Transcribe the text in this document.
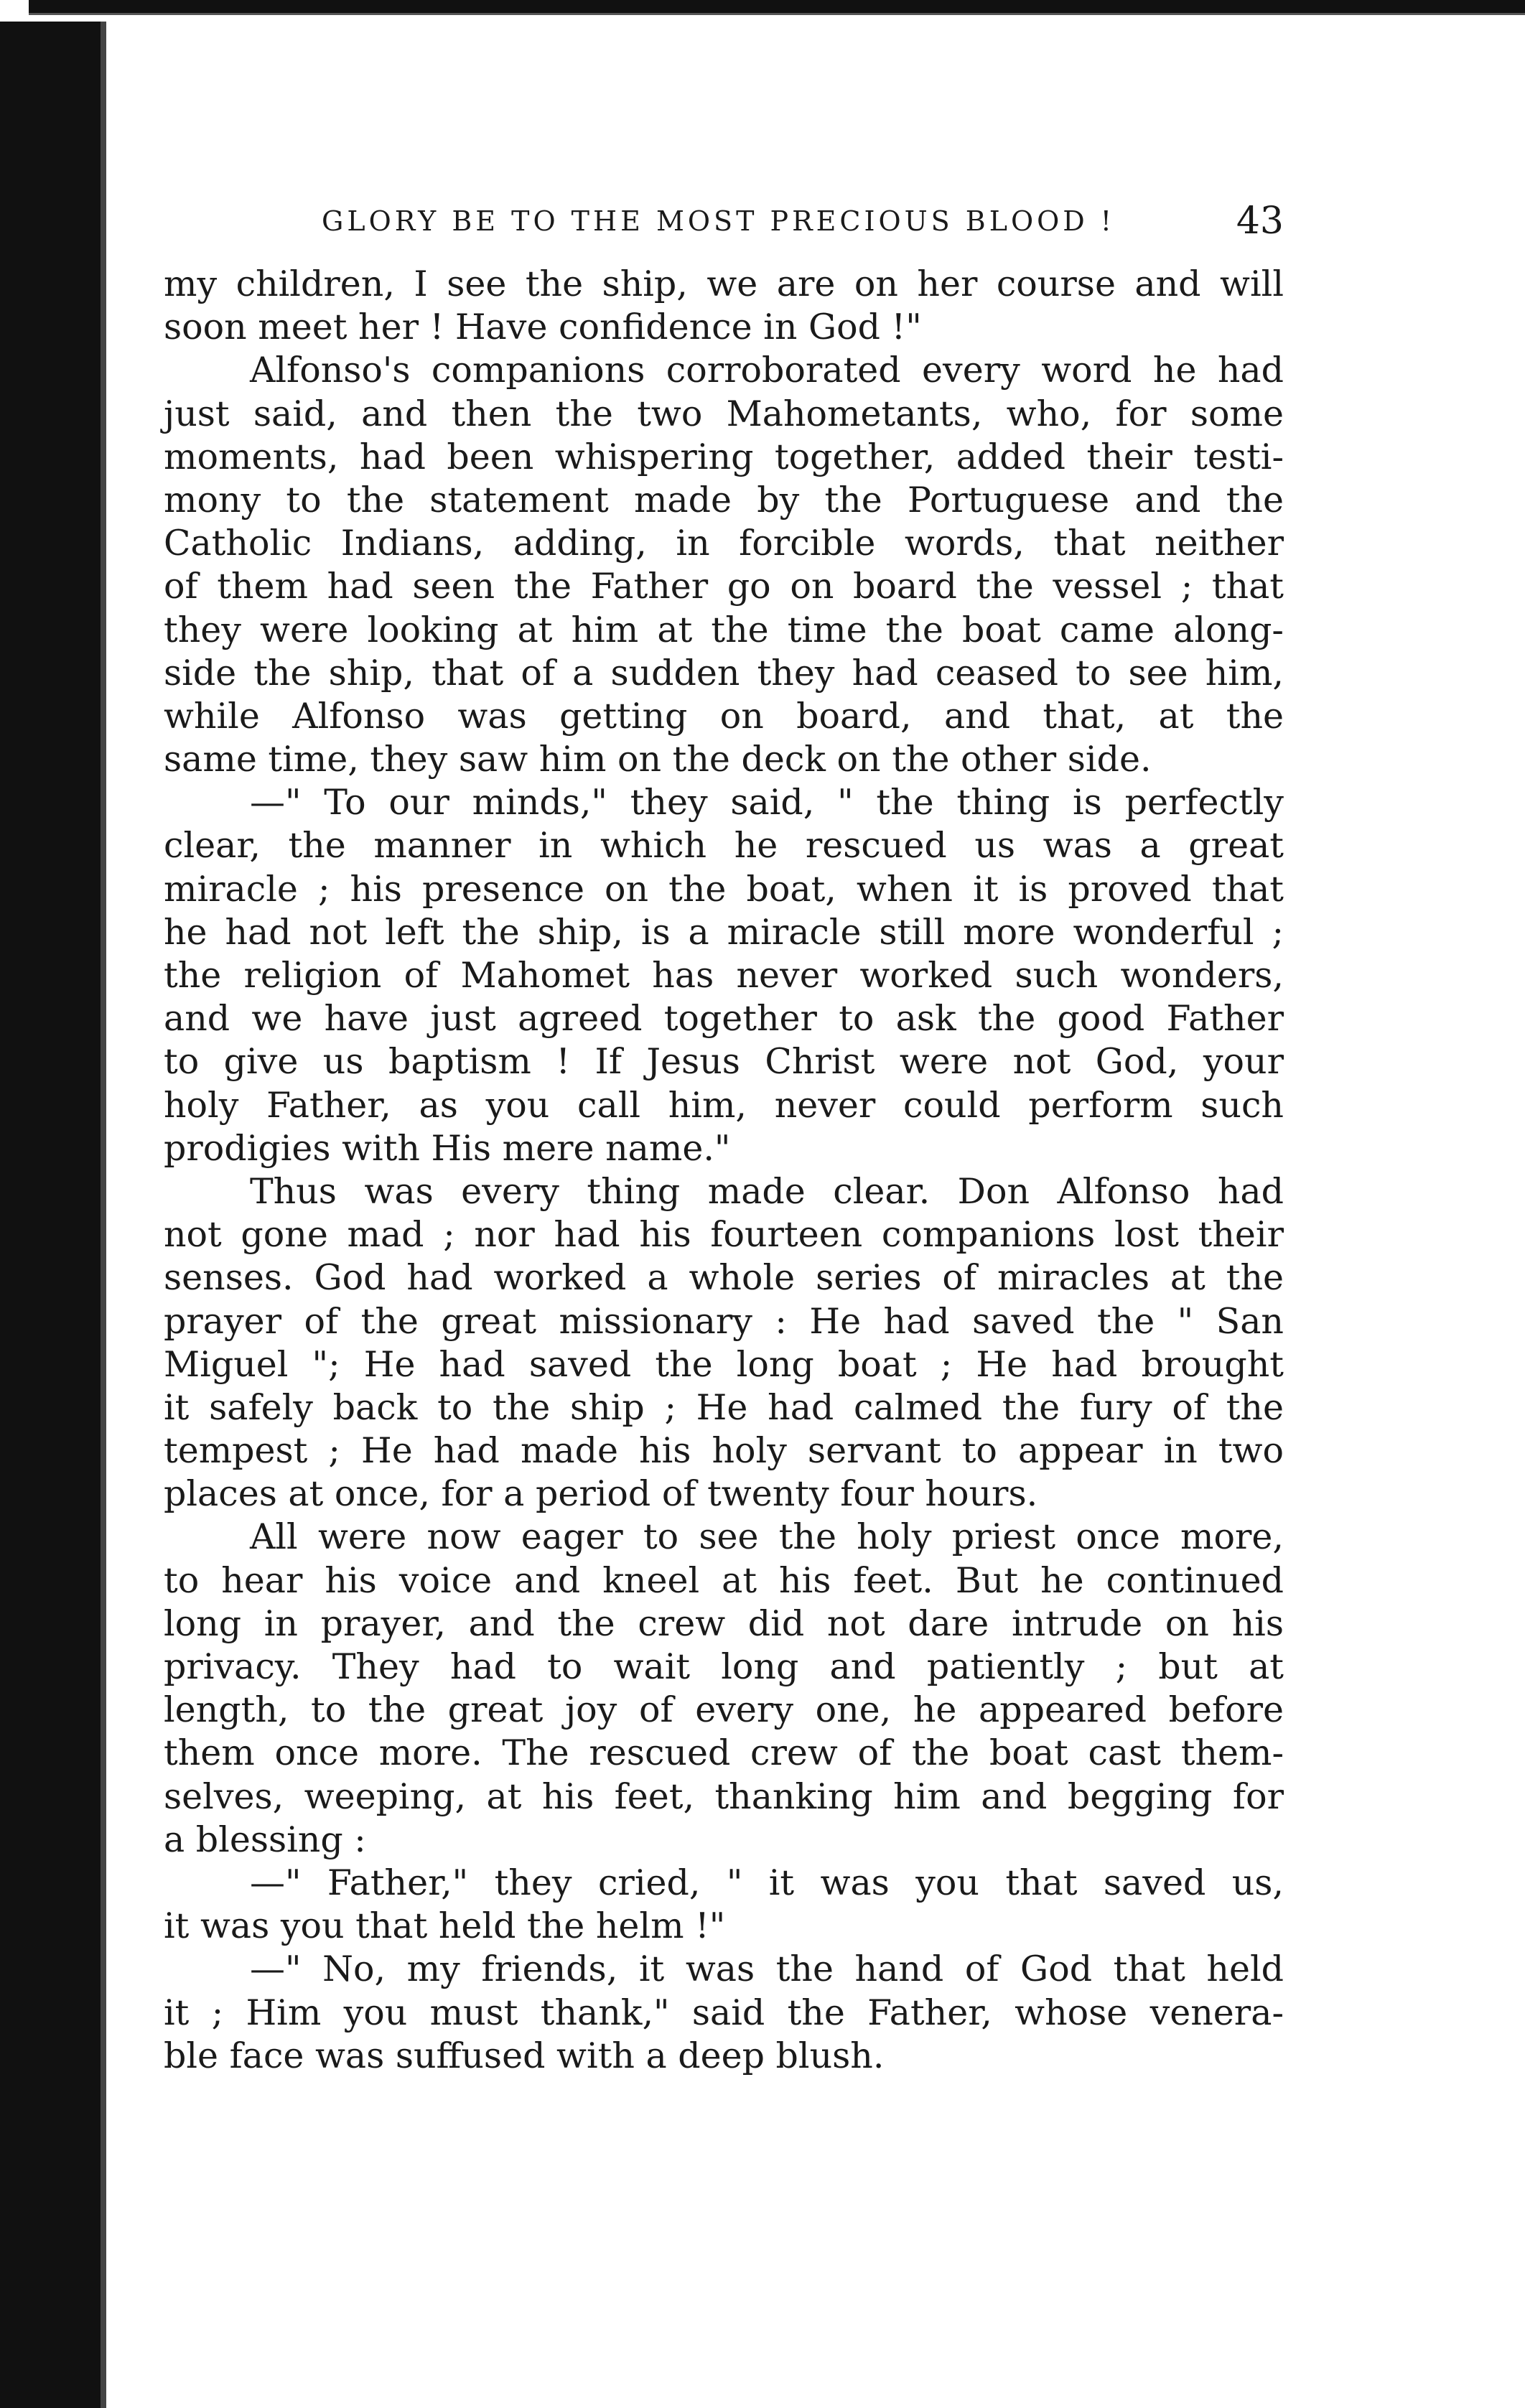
GLORY BE TO THE MOST PRECIOUS BLOOD !	43
my children, I see the ship, we are on her course and will
soon meet her ! Have confidence in God !"
Alfonso's companions corroborated every word he had
just said, and then the two Mahometants, who, for some
moments, had been whispering together, added their testi-
mony to the statement made by the Portuguese and the
Catholic Indians, adding, in forcible words, that neither
of them had seen the Father go on board the vessel ; that
they were looking at him at the time the boat came along-
side the ship, that of a sudden they had ceased to see him,
while Alfonso was getting on board, and that, at the
same time, they saw him on the deck on the other side.
—" To our minds," they said, " the thing is perfectly
clear, the manner in which he rescued us was a great
miracle ; his presence on the boat, when it is proved that
he had not left the ship, is a miracle still more wonderful ;
the religion of Mahomet has never worked such wonders,
and we have just agreed together to ask the good Father
to give us baptism ! If Jesus Christ were not God, your
holy Father, as you call him, never could perform such
prodigies with His mere name."
Thus was every thing made clear. Don Alfonso had
not gone mad ; nor had his fourteen companions lost their
senses. God had worked a whole series of miracles at the
prayer of the great missionary : He had saved the " San
Miguel "; He had saved the long boat ; He had brought
it safely back to the ship ; He had calmed the fury of the
tempest ; He had made his holy servant to appear in two
places at once, for a period of twenty four hours.
All were now eager to see the holy priest once more,
to hear his voice and kneel at his feet. But he continued
long in prayer, and the crew did not dare intrude on his
privacy. They had to wait long and patiently ; but at
length, to the great joy of every one, he appeared before
them once more. The rescued crew of the boat cast them-
selves, weeping, at his feet, thanking him and begging for
a blessing :
—" Father," they cried, " it was you that saved us,
it was you that held the helm !"
—" No, my friends, it was the hand of God that held
it ; Him you must thank," said the Father, whose venera-
ble face was suffused with a deep blush.
